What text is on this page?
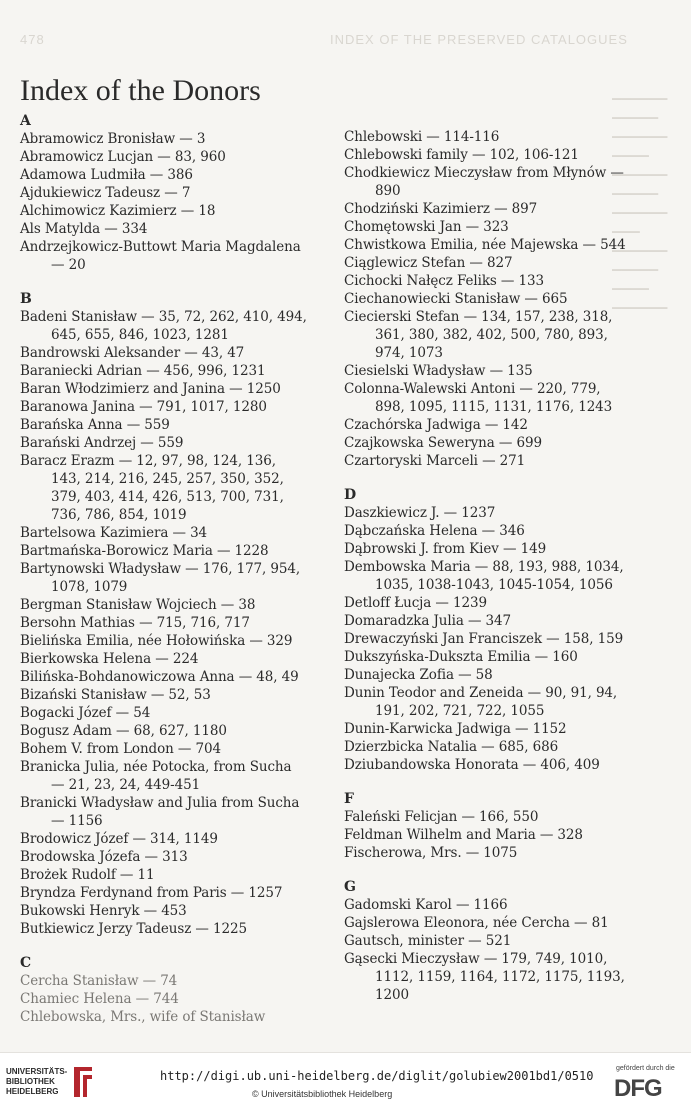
478	INDEX OF THE PRESERVED CATALOGUES
▁▁▁▁▁▁
▁▁▁▁▁
▁▁▁▁▁▁
▁▁▁▁
▁▁▁▁▁▁
▁▁▁▁▁
▁▁▁▁▁▁
▁▁▁
▁▁▁▁▁▁
▁▁▁▁▁
▁▁▁▁
▁▁▁▁▁▁
Index of the Donors
A

Abramowicz Bronisław — 3

Abramowicz Lucjan — 83, 960

Adamowa Ludmiła — 386

Ajdukiewicz Tadeusz — 7

Alchimowicz Kazimierz — 18

Als Matylda — 334

Andrzejkowicz-Buttowt Maria Magdalena — 20

B

Badeni Stanisław — 35, 72, 262, 410, 494, 645, 655, 846, 1023, 1281

Bandrowski Aleksander — 43, 47

Baraniecki Adrian — 456, 996, 1231

Baran Włodzimierz and Janina — 1250

Baranowa Janina — 791, 1017, 1280

Barańska Anna — 559

Barański Andrzej — 559

Baracz Erazm — 12, 97, 98, 124, 136, 143, 214, 216, 245, 257, 350, 352, 379, 403, 414, 426, 513, 700, 731, 736, 786, 854, 1019

Bartelsowa Kazimiera — 34

Bartmańska-Borowicz Maria — 1228

Bartynowski Władysław — 176, 177, 954, 1078, 1079

Bergman Stanisław Wojciech — 38

Bersohn Mathias — 715, 716, 717

Bielińska Emilia, née Hołowińska — 329

Bierkowska Helena — 224

Bilińska-Bohdanowiczowa Anna — 48, 49

Bizański Stanisław — 52, 53

Bogacki Józef — 54

Bogusz Adam — 68, 627, 1180

Bohem V. from London — 704

Branicka Julia, née Potocka, from Sucha — 21, 23, 24, 449-451

Branicki Władysław and Julia from Sucha — 1156

Brodowicz Józef — 314, 1149

Brodowska Józefa — 313

Brożek Rudolf — 11

Bryndza Ferdynand from Paris — 1257

Bukowski Henryk — 453

Butkiewicz Jerzy Tadeusz — 1225

C

Cercha Stanisław — 74

Chamiec Helena — 744

Chlebowska, Mrs., wife of Stanisław

Chlebowski — 114-116

Chlebowski family — 102, 106-121

Chodkiewicz Mieczysław from Młynów — 890

Chodziński Kazimierz — 897

Chomętowski Jan — 323

Chwistkowa Emilia, née Majewska — 544

Ciąglewicz Stefan — 827

Cichocki Nałęcz Feliks — 133

Ciechanowiecki Stanisław — 665

Ciecierski Stefan — 134, 157, 238, 318, 361, 380, 382, 402, 500, 780, 893, 974, 1073

Ciesielski Władysław — 135

Colonna-Walewski Antoni — 220, 779, 898, 1095, 1115, 1131, 1176, 1243

Czachórska Jadwiga — 142

Czajkowska Seweryna — 699

Czartoryski Marceli — 271

D

Daszkiewicz J. — 1237

Dąbczańska Helena — 346

Dąbrowski J. from Kiev — 149

Dembowska Maria — 88, 193, 988, 1034, 1035, 1038-1043, 1045-1054, 1056

Detloff Łucja — 1239

Domaradzka Julia — 347

Drewaczyński Jan Franciszek — 158, 159

Dukszyńska-Dukszta Emilia — 160

Dunajecka Zofia — 58

Dunin Teodor and Zeneida — 90, 91, 94, 191, 202, 721, 722, 1055

Dunin-Karwicka Jadwiga — 1152

Dzierzbicka Natalia — 685, 686

Dziubandowska Honorata — 406, 409

F

Faleński Felicjan — 166, 550

Feldman Wilhelm and Maria — 328

Fischerowa, Mrs. — 1075

G

Gadomski Karol — 1166

Gajslerowa Eleonora, née Cercha — 81

Gautsch, minister — 521

Gąsecki Mieczysław — 179, 749, 1010, 1112, 1159, 1164, 1172, 1175, 1193, 1200

UNIVERSITÄTS-
BIBLIOTHEK
HEIDELBERG
http://digi.ub.uni-heidelberg.de/diglit/golubiew2001bd1/0510
© Universitätsbibliothek Heidelberg
gefördert durch die
DFG
